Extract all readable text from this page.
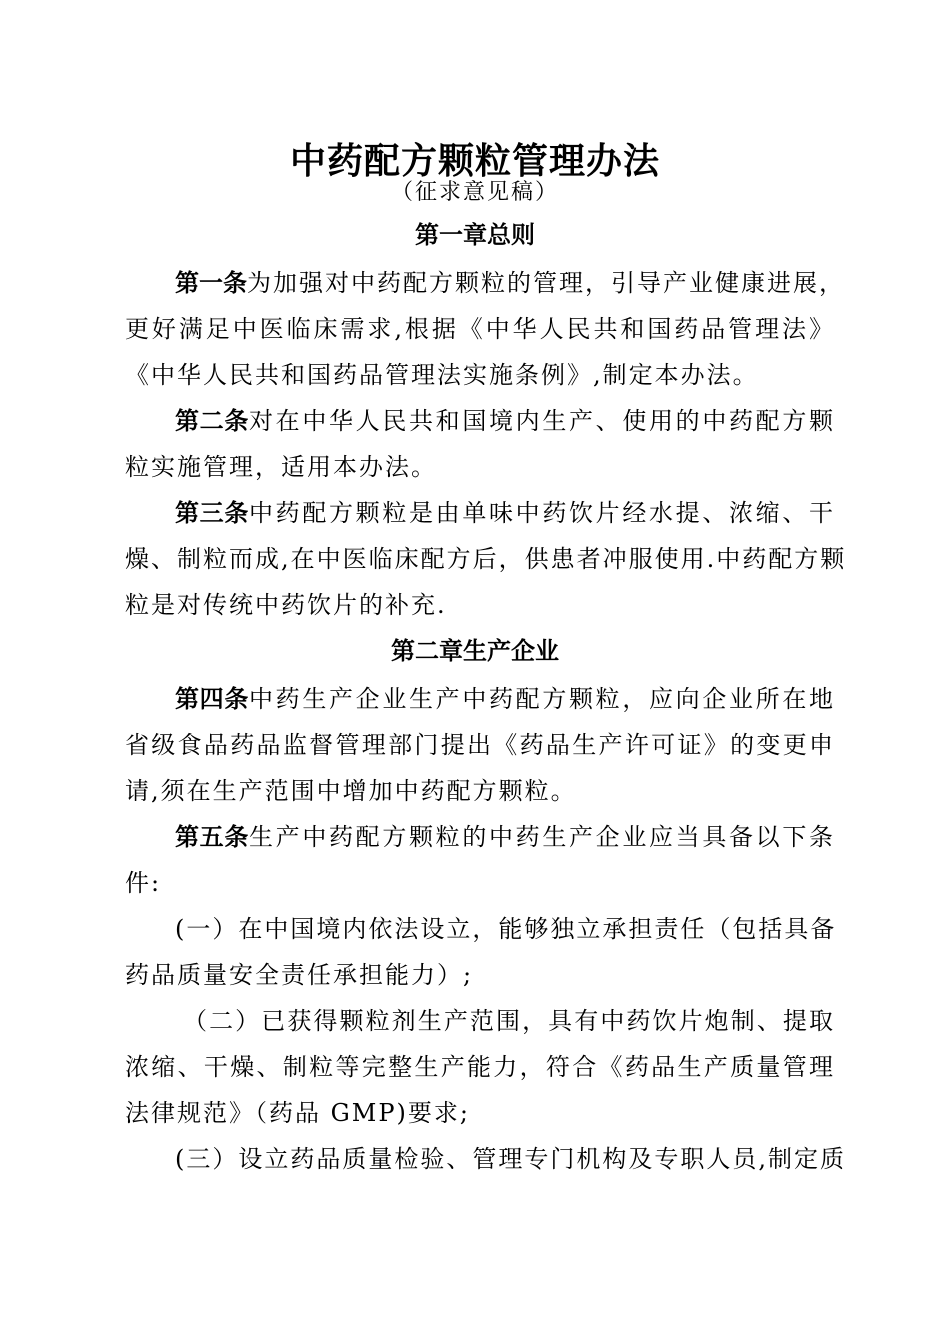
中药配方颗粒管理办法
（征求意见稿）
第一章总则
第一条为加强对中药配方颗粒的管理，引导产业健康进展，
更好满足中医临床需求,根据《中华人民共和国药品管理法》
《中华人民共和国药品管理法实施条例》,制定本办法。
第二条对在中华人民共和国境内生产、使用的中药配方颗
粒实施管理，适用本办法。
第三条中药配方颗粒是由单味中药饮片经水提、浓缩、干
燥、制粒而成,在中医临床配方后，供患者冲服使用.中药配方颗
粒是对传统中药饮片的补充.
第二章生产企业
第四条中药生产企业生产中药配方颗粒，应向企业所在地
省级食品药品监督管理部门提出《药品生产许可证》的变更申
请,须在生产范围中增加中药配方颗粒。
第五条生产中药配方颗粒的中药生产企业应当具备以下条
件:
(一）在中国境内依法设立，能够独立承担责任（包括具备
药品质量安全责任承担能力）;
（二）已获得颗粒剂生产范围，具有中药饮片炮制、提取
浓缩、干燥、制粒等完整生产能力，符合《药品生产质量管理
法律规范》（药品 GMP)要求;
(三）设立药品质量检验、管理专门机构及专职人员,制定质
